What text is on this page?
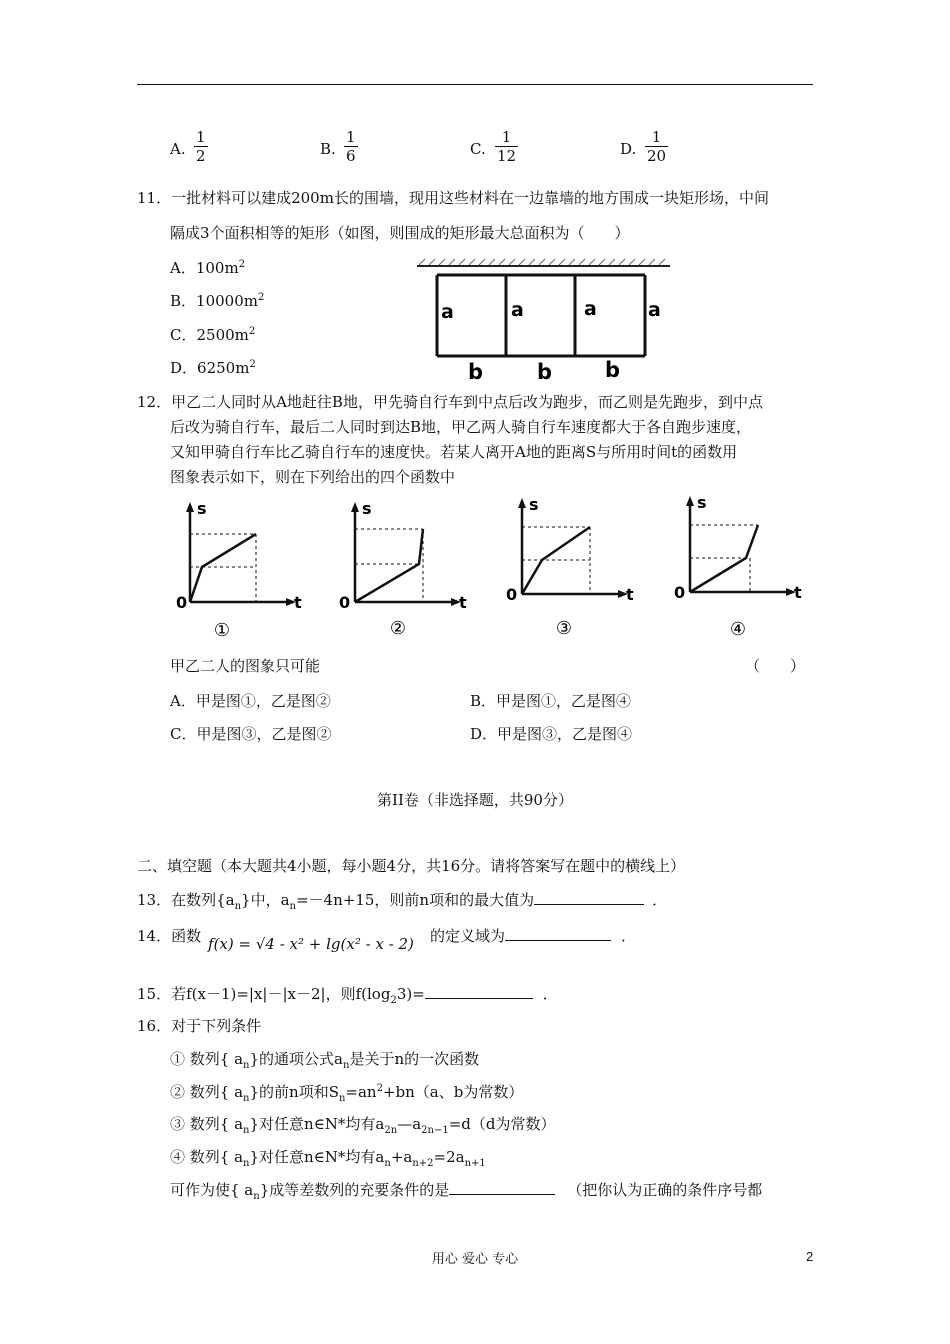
A.
1
2	B.
1
6	C.
1
12	D.
1
20
11．一批材料可以建成200m长的围墙，现用这些材料在一边靠墙的地方围成一块矩形场，中间
隔成3个面积相等的矩形（如图，则围成的矩形最大总面积为（　　）
A．$100m^2$
B．$10000m^2$
C．$2500m^2$
D．$6250m^2$
a	a	a	a
b	b	b
12．甲乙二人同时从A地赶往B地，甲先骑自行车到中点后改为跑步，而乙则是先跑步，到中点
后改为骑自行车，最后二人同时到达B地，甲乙两人骑自行车速度都大于各自跑步速度，
又知甲骑自行车比乙骑自行车的速度快。若某人离开A地的距离S与所用时间t的函数用
图象表示如下，则在下列给出的四个函数中
s
t
0
①
s
t
0
②
s
t
0
③
s
t
0
④
甲乙二人的图象只可能	（　　）
A．甲是图①，乙是图②	B．甲是图①，乙是图④
C．甲是图③，乙是图②	D．甲是图③，乙是图④
第II卷（非选择题，共90分）
二、填空题（本大题共4小题，每小题4分，共16分。请将答案写在题中的横线上）
13．在数列$\{a_n\}$中，$a_n=-4n+15$，则前n项和的最大值为	．
14．函数 f(x) = √4 - x² + lg(x² - x - 2) 的定义域为	．
15．若f(x－1)=|x|－|x－2|，则$f(\log_23)=$	．
16．对于下列条件
① 数列{ $a_n$}的通项公式$a_n$是关于n的一次函数
② 数列{ $a_n$}的前n项和$S_n=an^2+bn(a$、b为常数）
③ 数列{ $a_n$}对任意n∈N*均有$a_{2n}—a_{2n-1}=d(d$为常数）
④ 数列{ $a_n$}对任意n∈N*均有$a_n+a_{n+2}=2a_{n+1}$
可作为使{ $a_n$}成等差数列的充要条件的是	（把你认为正确的条件序号都
用心 爱心 专心	2
